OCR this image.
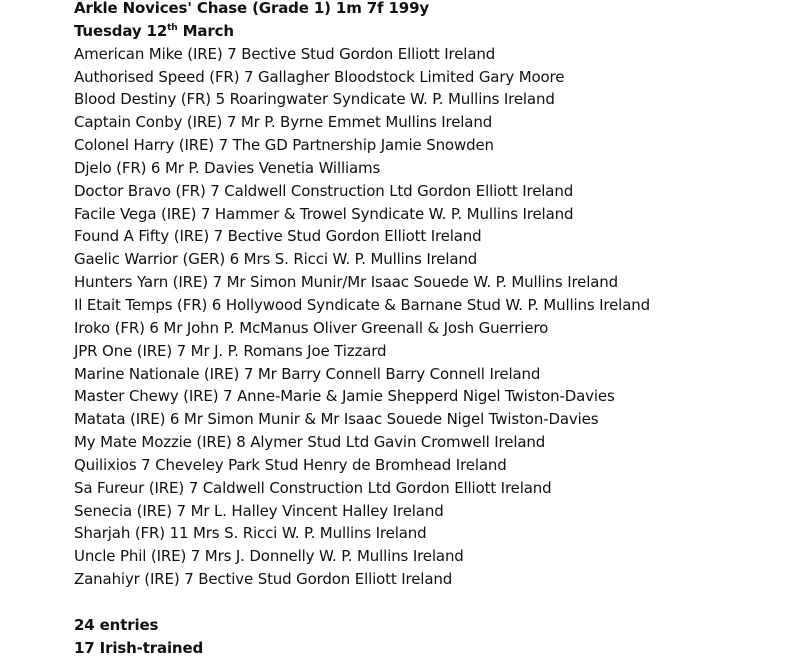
Arkle Novices' Chase (Grade 1) 1m 7f 199y
Tuesday 12th March
American Mike (IRE) 7 Bective Stud Gordon Elliott Ireland
Authorised Speed (FR) 7 Gallagher Bloodstock Limited Gary Moore
Blood Destiny (FR) 5 Roaringwater Syndicate W. P. Mullins Ireland
Captain Conby (IRE) 7 Mr P. Byrne Emmet Mullins Ireland
Colonel Harry (IRE) 7 The GD Partnership Jamie Snowden
Djelo (FR) 6 Mr P. Davies Venetia Williams
Doctor Bravo (FR) 7 Caldwell Construction Ltd Gordon Elliott Ireland
Facile Vega (IRE) 7 Hammer & Trowel Syndicate W. P. Mullins Ireland
Found A Fifty (IRE) 7 Bective Stud Gordon Elliott Ireland
Gaelic Warrior (GER) 6 Mrs S. Ricci W. P. Mullins Ireland
Hunters Yarn (IRE) 7 Mr Simon Munir/Mr Isaac Souede W. P. Mullins Ireland
Il Etait Temps (FR) 6 Hollywood Syndicate & Barnane Stud W. P. Mullins Ireland
Iroko (FR) 6 Mr John P. McManus Oliver Greenall & Josh Guerriero
JPR One (IRE) 7 Mr J. P. Romans Joe Tizzard
Marine Nationale (IRE) 7 Mr Barry Connell Barry Connell Ireland
Master Chewy (IRE) 7 Anne-Marie & Jamie Shepperd Nigel Twiston-Davies
Matata (IRE) 6 Mr Simon Munir & Mr Isaac Souede Nigel Twiston-Davies
My Mate Mozzie (IRE) 8 Alymer Stud Ltd Gavin Cromwell Ireland
Quilixios 7 Cheveley Park Stud Henry de Bromhead Ireland
Sa Fureur (IRE) 7 Caldwell Construction Ltd Gordon Elliott Ireland
Senecia (IRE) 7 Mr L. Halley Vincent Halley Ireland
Sharjah (FR) 11 Mrs S. Ricci W. P. Mullins Ireland
Uncle Phil (IRE) 7 Mrs J. Donnelly W. P. Mullins Ireland
Zanahiyr (IRE) 7 Bective Stud Gordon Elliott Ireland
24 entries
17 Irish-trained
